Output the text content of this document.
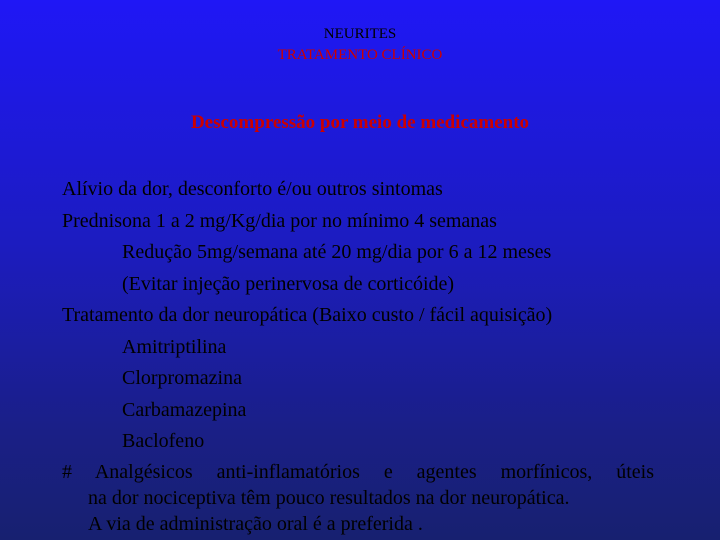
NEURITES
TRATAMENTO CLÍNICO
Descompressão por meio de medicamento
Alívio da dor, desconforto é/ou outros sintomas
Prednisona 1 a 2 mg/Kg/dia por no mínimo 4 semanas
Redução 5mg/semana até 20 mg/dia por 6 a 12 meses
(Evitar injeção perinervosa de corticóide)
Tratamento da dor neuropática (Baixo custo / fácil aquisição)
Amitriptilina
Clorpromazina
Carbamazepina
Baclofeno
# Analgésicos anti-inflamatórios e agentes morfínicos, úteis
na dor nociceptiva têm pouco resultados na dor neuropática.
A via de administração oral é a preferida .
